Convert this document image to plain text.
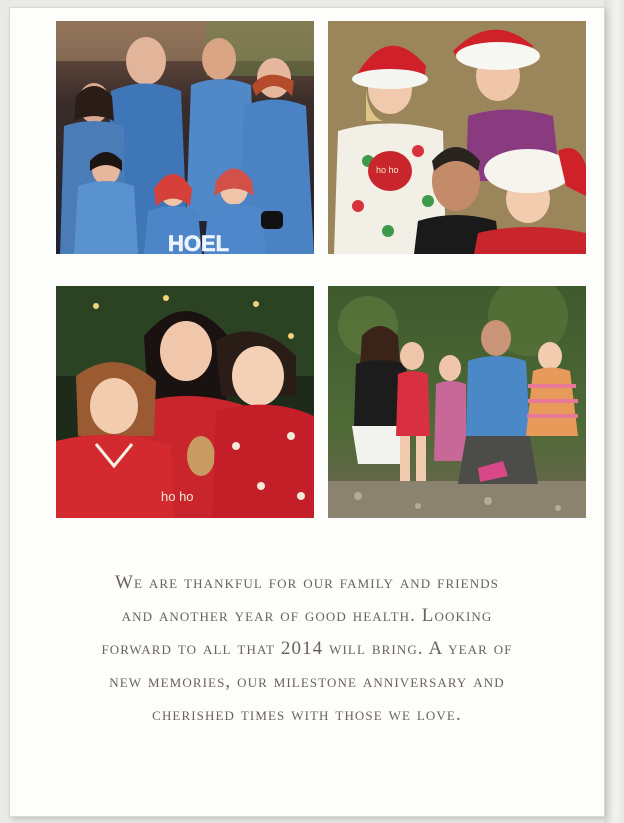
HOEL
ho ho
ho ho
We are thankful for our family and friends
and another year of good health. Looking
forward to all that 2014 will bring. A year of
new memories, our milestone anniversary and
cherished times with those we love.
